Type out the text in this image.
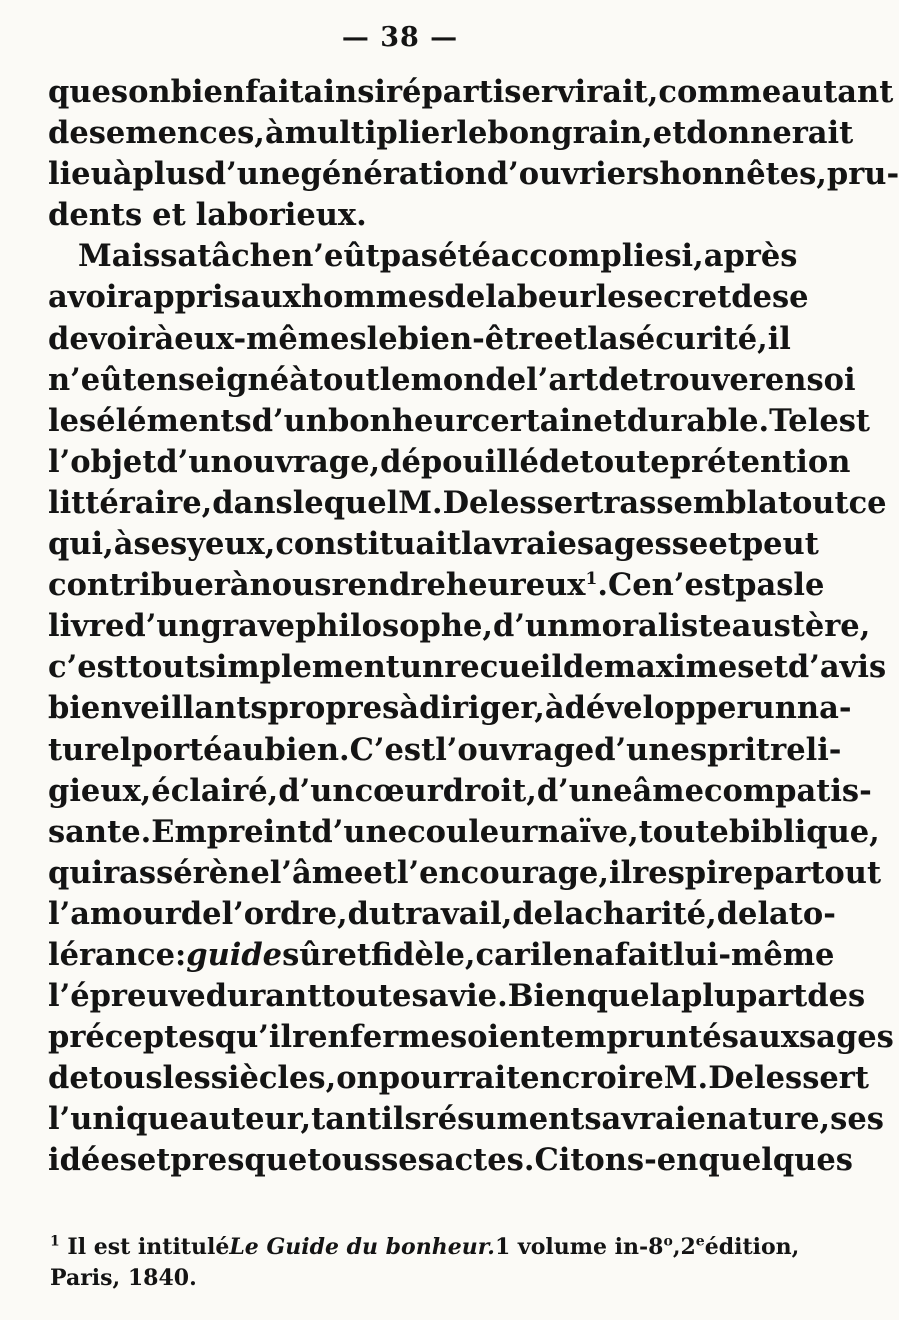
— 38 —
que son bienfait ainsi réparti servirait, comme autant
de semences, à multiplier le bon grain, et donnerait
lieu à plus d’une génération d’ouvriers honnêtes, pru-
dents et laborieux.
Mais sa tâche n’eût pas été accomplie si, après
avoir appris aux hommes de labeur le secret de se
devoir à eux-mêmes le bien-être et la sécurité, il
n’eût enseigné à tout le monde l’art de trouver en soi
les éléments d’un bonheur certain et durable. Tel est
l’objet d’un ouvrage, dépouillé de toute prétention
littéraire, dans lequel M. Delessert rassembla tout ce
qui, à ses yeux, constituait la vraie sagesse et peut
contribuer à nous rendre heureux$^1$. Ce n’est pas le
livre d’un grave philosophe, d’un moraliste austère,
c’est tout simplement un recueil de maximes et d’avis
bienveillants propres à diriger, à développer un na-
turel porté au bien. C’est l’ouvrage d’un esprit reli-
gieux, éclairé, d’un cœur droit, d’une âme compatis-
sante. Empreint d’une couleur naïve, toute biblique,
qui rassérène l’âme et l’encourage, il respire partout
l’amour de l’ordre, du travail, de la charité, de la to-
lérance : guide sûr et fidèle, car il en a fait lui-même
l’épreuve durant toute sa vie. Bien que la plupart des
préceptes qu’il renferme soient empruntés aux sages
de tous les siècles, on pourrait en croire M. Delessert
l’unique auteur, tant ils résument sa vraie nature, ses
idées et presque tous ses actes. Citons-en quelques
$^1$ Il est intitulé Le Guide du bonheur. 1 volume in-8$^o$, 2e édition,
Paris, 1840.
